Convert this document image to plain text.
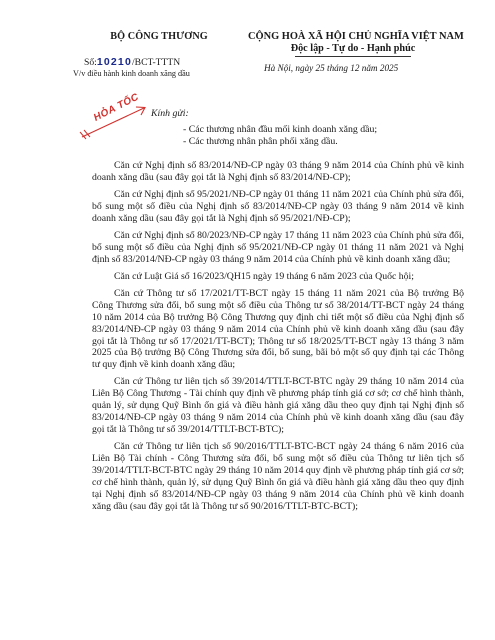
BỘ CÔNG THƯƠNG	CỘNG HOÀ XÃ HỘI CHỦ NGHĨA VIỆT NAM
Độc lập - Tự do - Hạnh phúc
Số:10210/BCT-TTTN
V/v điều hành kinh doanh xăng dầu
Hà Nội, ngày 25 tháng 12 năm 2025
HỎA TỐC Kính gửi:
- Các thương nhân đầu mối kinh doanh xăng dầu;
- Các thương nhân phân phối xăng dầu.

Căn cứ Nghị định số 83/2014/NĐ-CP ngày 03 tháng 9 năm 2014 của Chính phủ về kinh doanh xăng dầu (sau đây gọi tắt là Nghị định số 83/2014/NĐ-CP);

Căn cứ Nghị định số 95/2021/NĐ-CP ngày 01 tháng 11 năm 2021 của Chính phủ sửa đổi, bổ sung một số điều của Nghị định số 83/2014/NĐ-CP ngày 03 tháng 9 năm 2014 về kinh doanh xăng dầu (sau đây gọi tắt là Nghị định số 95/2021/NĐ-CP);

Căn cứ Nghị định số 80/2023/NĐ-CP ngày 17 tháng 11 năm 2023 của Chính phủ sửa đổi, bổ sung một số điều của Nghị định số 95/2021/NĐ-CP ngày 01 tháng 11 năm 2021 và Nghị định số 83/2014/NĐ-CP ngày 03 tháng 9 năm 2014 của Chính phủ về kinh doanh xăng dầu;

Căn cứ Luật Giá số 16/2023/QH15 ngày 19 tháng 6 năm 2023 của Quốc hội;

Căn cứ Thông tư số 17/2021/TT-BCT ngày 15 tháng 11 năm 2021 của Bộ trưởng Bộ Công Thương sửa đổi, bổ sung một số điều của Thông tư số 38/2014/TT-BCT ngày 24 tháng 10 năm 2014 của Bộ trưởng Bộ Công Thương quy định chi tiết một số điều của Nghị định số 83/2014/NĐ-CP ngày 03 tháng 9 năm 2014 của Chính phủ về kinh doanh xăng dầu (sau đây gọi tắt là Thông tư số 17/2021/TT-BCT); Thông tư số 18/2025/TT-BCT ngày 13 tháng 3 năm 2025 của Bộ trưởng Bộ Công Thương sửa đổi, bổ sung, bãi bỏ một số quy định tại các Thông tư quy định về kinh doanh xăng dầu;

Căn cứ Thông tư liên tịch số 39/2014/TTLT-BCT-BTC ngày 29 tháng 10 năm 2014 của Liên Bộ Công Thương - Tài chính quy định về phương pháp tính giá cơ sở; cơ chế hình thành, quản lý, sử dụng Quỹ Bình ổn giá và điều hành giá xăng dầu theo quy định tại Nghị định số 83/2014/NĐ-CP ngày 03 tháng 9 năm 2014 của Chính phủ về kinh doanh xăng dầu (sau đây gọi tắt là Thông tư số 39/2014/TTLT-BCT-BTC);

Căn cứ Thông tư liên tịch số 90/2016/TTLT-BTC-BCT ngày 24 tháng 6 năm 2016 của Liên Bộ Tài chính - Công Thương sửa đổi, bổ sung một số điều của Thông tư liên tịch số 39/2014/TTLT-BCT-BTC ngày 29 tháng 10 năm 2014 quy định về phương pháp tính giá cơ sở; cơ chế hình thành, quản lý, sử dụng Quỹ Bình ổn giá và điều hành giá xăng dầu theo quy định tại Nghị định số 83/2014/NĐ-CP ngày 03 tháng 9 năm 2014 của Chính phủ về kinh doanh xăng dầu (sau đây gọi tắt là Thông tư số 90/2016/TTLT-BTC-BCT);
